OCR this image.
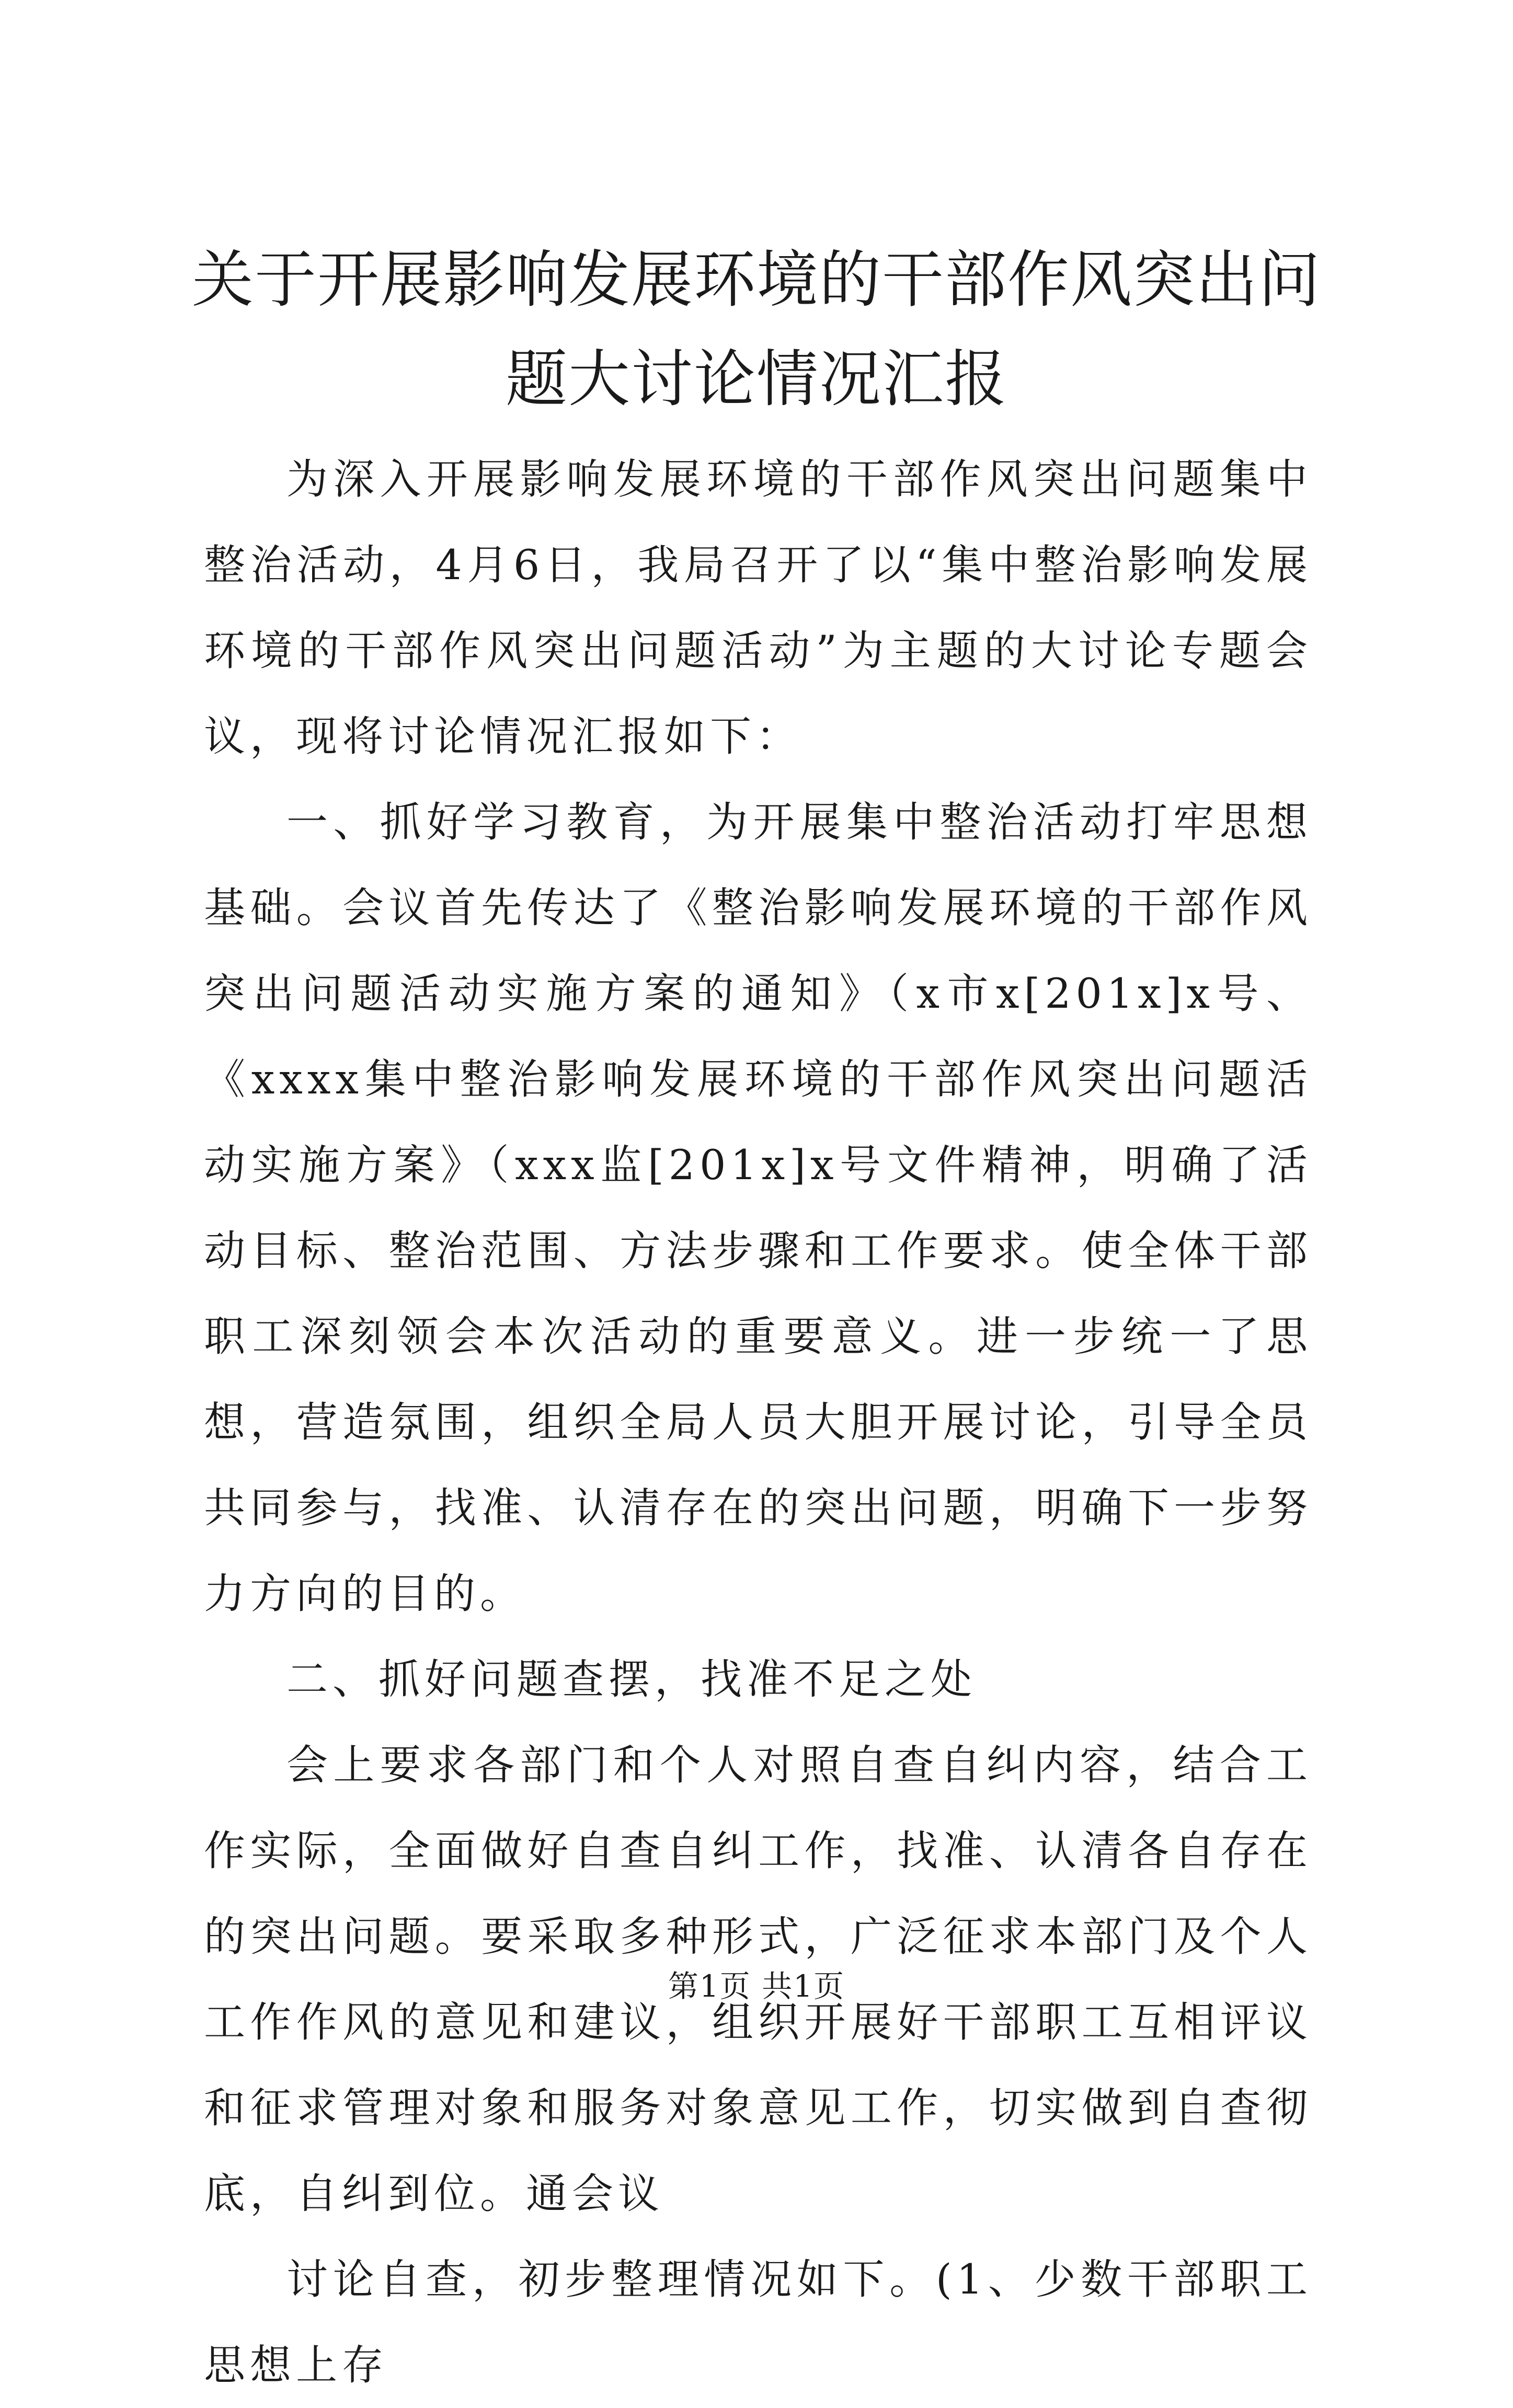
关于开展影响发展环境的干部作风突出问题大讨论情况汇报

为深入开展影响发展环境的干部作风突出问题集中整治活动，4月6日，我局召开了以“集中整治影响发展环境的干部作风突出问题活动”为主题的大讨论专题会议，现将讨论情况汇报如下：

一、抓好学习教育，为开展集中整治活动打牢思想基础。会议首先传达了《整治影响发展环境的干部作风突出问题活动实施方案的通知》（x市x[201x]x号、《xxxx集中整治影响发展环境的干部作风突出问题活动实施方案》（xxx监[201x]x号文件精神，明确了活动目标、整治范围、方法步骤和工作要求。使全体干部职工深刻领会本次活动的重要意义。进一步统一了思想，营造氛围，组织全局人员大胆开展讨论，引导全员共同参与，找准、认清存在的突出问题，明确下一步努力方向的目的。

二、抓好问题查摆，找准不足之处

会上要求各部门和个人对照自查自纠内容，结合工作实际，全面做好自查自纠工作，找准、认清各自存在的突出问题。要采取多种形式，广泛征求本部门及个人工作作风的意见和建议，组织开展好干部职工互相评议和征求管理对象和服务对象意见工作，切实做到自查彻底，自纠到位。通会议

讨论自查，初步整理情况如下。(1、少数干部职工思想上存

第1页 共1页
